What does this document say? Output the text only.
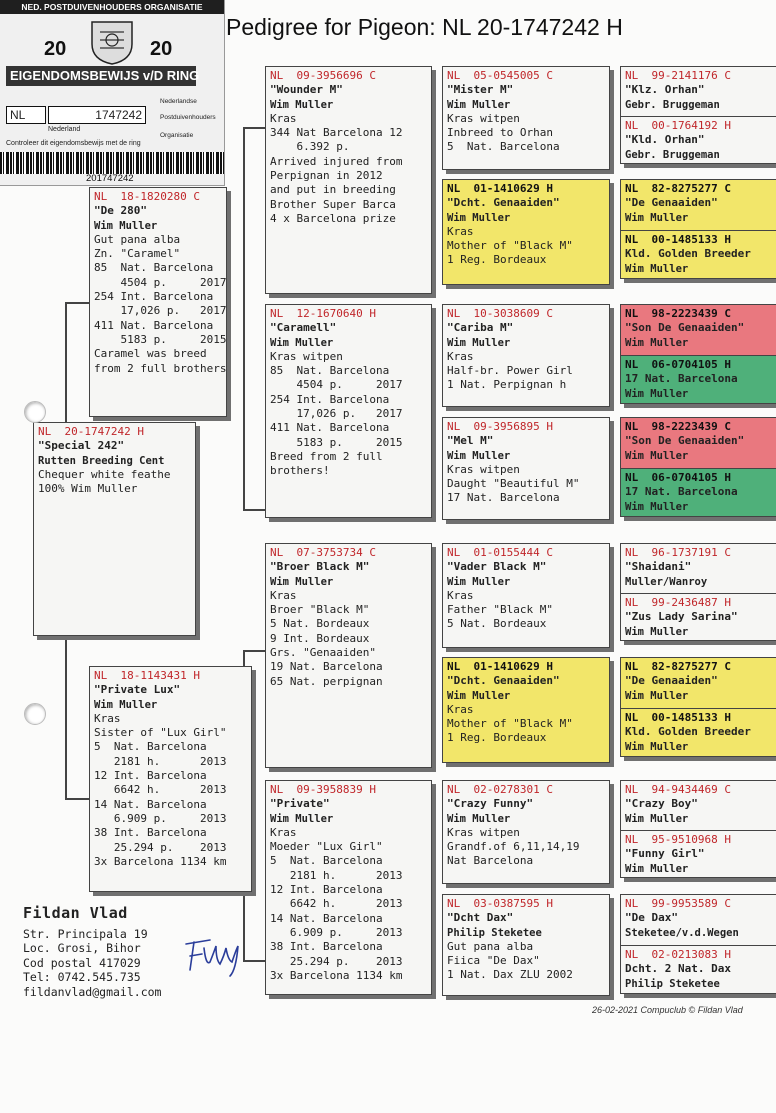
Pedigree for Pigeon: NL 20-1747242 H
NED. POSTDUIVENHOUDERS ORGANISATIE
20	20
EIGENDOMSBEWIJS v/D RING
NL	1747242
Nederland
Nederlandse
Postduivenhouders
Organisatie
Controleer dit eigendomsbewijs met de ring
201747242
NL  20-1747242 H
"Special 242"
Rutten Breeding Cent
Chequer white feathe
100% Wim Muller
NL  18-1820280 C
"De 280"
Wim Muller
Gut pana alba
Zn. "Caramel"
85  Nat. Barcelona
4504 p.     2017
254 Int. Barcelona
17,026 p.   2017
411 Nat. Barcelona
5183 p.     2015
Caramel was breed
from 2 full brothers
NL  18-1143431 H
"Private Lux"
Wim Muller
Kras
Sister of "Lux Girl"
5  Nat. Barcelona
2181 h.      2013
12 Int. Barcelona
6642 h.      2013
14 Nat. Barcelona
6.909 p.     2013
38 Int. Barcelona
25.294 p.    2013
3x Barcelona 1134 km
NL  09-3956696 C
"Wounder M"
Wim Muller
Kras
344 Nat Barcelona 12
6.392 p.
Arrived injured from
Perpignan in 2012
and put in breeding
Brother Super Barca
4 x Barcelona prize
NL  12-1670640 H
"Caramell"
Wim Muller
Kras witpen
85  Nat. Barcelona
4504 p.     2017
254 Int. Barcelona
17,026 p.   2017
411 Nat. Barcelona
5183 p.     2015
Breed from 2 full
brothers!
NL  07-3753734 C
"Broer Black M"
Wim Muller
Kras
Broer "Black M"
5 Nat. Bordeaux
9 Int. Bordeaux
Grs. "Genaaiden"
19 Nat. Barcelona
65 Nat. perpignan
NL  09-3958839 H
"Private"
Wim Muller
Kras
Moeder "Lux Girl"
5  Nat. Barcelona
2181 h.      2013
12 Int. Barcelona
6642 h.      2013
14 Nat. Barcelona
6.909 p.     2013
38 Int. Barcelona
25.294 p.    2013
3x Barcelona 1134 km
NL  05-0545005 C
"Mister M"
Wim Muller
Kras witpen
Inbreed to Orhan
5  Nat. Barcelona
NL  01-1410629 H
"Dcht. Genaaiden"
Wim Muller
Kras
Mother of "Black M"
1 Reg. Bordeaux
NL  10-3038609 C
"Cariba M"
Wim Muller
Kras
Half-br. Power Girl
1 Nat. Perpignan h
NL  09-3956895 H
"Mel M"
Wim Muller
Kras witpen
Daught "Beautiful M"
17 Nat. Barcelona
NL  01-0155444 C
"Vader Black M"
Wim Muller
Kras
Father "Black M"
5 Nat. Bordeaux
NL  01-1410629 H
"Dcht. Genaaiden"
Wim Muller
Kras
Mother of "Black M"
1 Reg. Bordeaux
NL  02-0278301 C
"Crazy Funny"
Wim Muller
Kras witpen
Grandf.of 6,11,14,19
Nat Barcelona
NL  03-0387595 H
"Dcht Dax"
Philip Steketee
Gut pana alba
Fiica "De Dax"
1 Nat. Dax ZLU 2002
NL  99-2141176 C
"Klz. Orhan"
Gebr. Bruggeman
NL  00-1764192 H
"Kld. Orhan"
Gebr. Bruggeman
NL  82-8275277 C
"De Genaaiden"
Wim Muller
NL  00-1485133 H
Kld. Golden Breeder
Wim Muller
NL  98-2223439 C
"Son De Genaaiden"
Wim Muller
NL  06-0704105 H
17 Nat. Barcelona
Wim Muller
NL  98-2223439 C
"Son De Genaaiden"
Wim Muller
NL  06-0704105 H
17 Nat. Barcelona
Wim Muller
NL  96-1737191 C
"Shaidani"
Muller/Wanroy
NL  99-2436487 H
"Zus Lady Sarina"
Wim Muller
NL  82-8275277 C
"De Genaaiden"
Wim Muller
NL  00-1485133 H
Kld. Golden Breeder
Wim Muller
NL  94-9434469 C
"Crazy Boy"
Wim Muller
NL  95-9510968 H
"Funny Girl"
Wim Muller
NL  99-9953589 C
"De Dax"
Steketee/v.d.Wegen
NL  02-0213083 H
Dcht. 2 Nat. Dax
Philip Steketee
Fildan Vlad
Str. Principala 19
Loc. Grosi, Bihor
Cod postal 417029
Tel: 0742.545.735
fildanvlad@gmail.com
26-02-2021 Compuclub © Fildan Vlad
